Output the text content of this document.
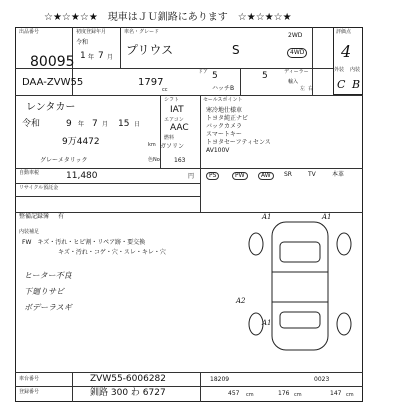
☆★☆★☆★　現車はＪＵ釧路にあります　☆★☆★☆★
出品番号
80095
初度登録年月
令和
1 年 7 月
車名・グレード
プリウス	S
2WD
4WD
評価点
4
外装 内装
C B
DAA-ZVW55	1797
cc
ドア 5	5
ハッチB
ディーラー
輸入
左 右
レンタカー
令和	9 年 7 月 15 日
9万4472	km
シフト
IAT
エアコン
AAC
燃料
ガソリン
グレーメタリック	色No 163
自動車税	11,480	円
リサイクル預託金
整備記録簿 有
セールスポイント
寒冷地仕様車
トヨタ純正ナビ
バックカメラ
スマートキー
トヨタセーフティセンス
AV100V
PS	PW	AW	SR	TV	本革
内装補足
FW　キズ・汚れ・ヒビ割・リペア跡・要交換
キズ・汚れ・コゲ・穴・スレ・キレ・穴
ヒーター不良
下廻りサビ
ボデーラスギ
A1	A1
A2
A1
車台番号	ZVW55-6006282
登録番号	釧路 300 わ 6727
18209	0023
457 cm	176 cm	147 cm
